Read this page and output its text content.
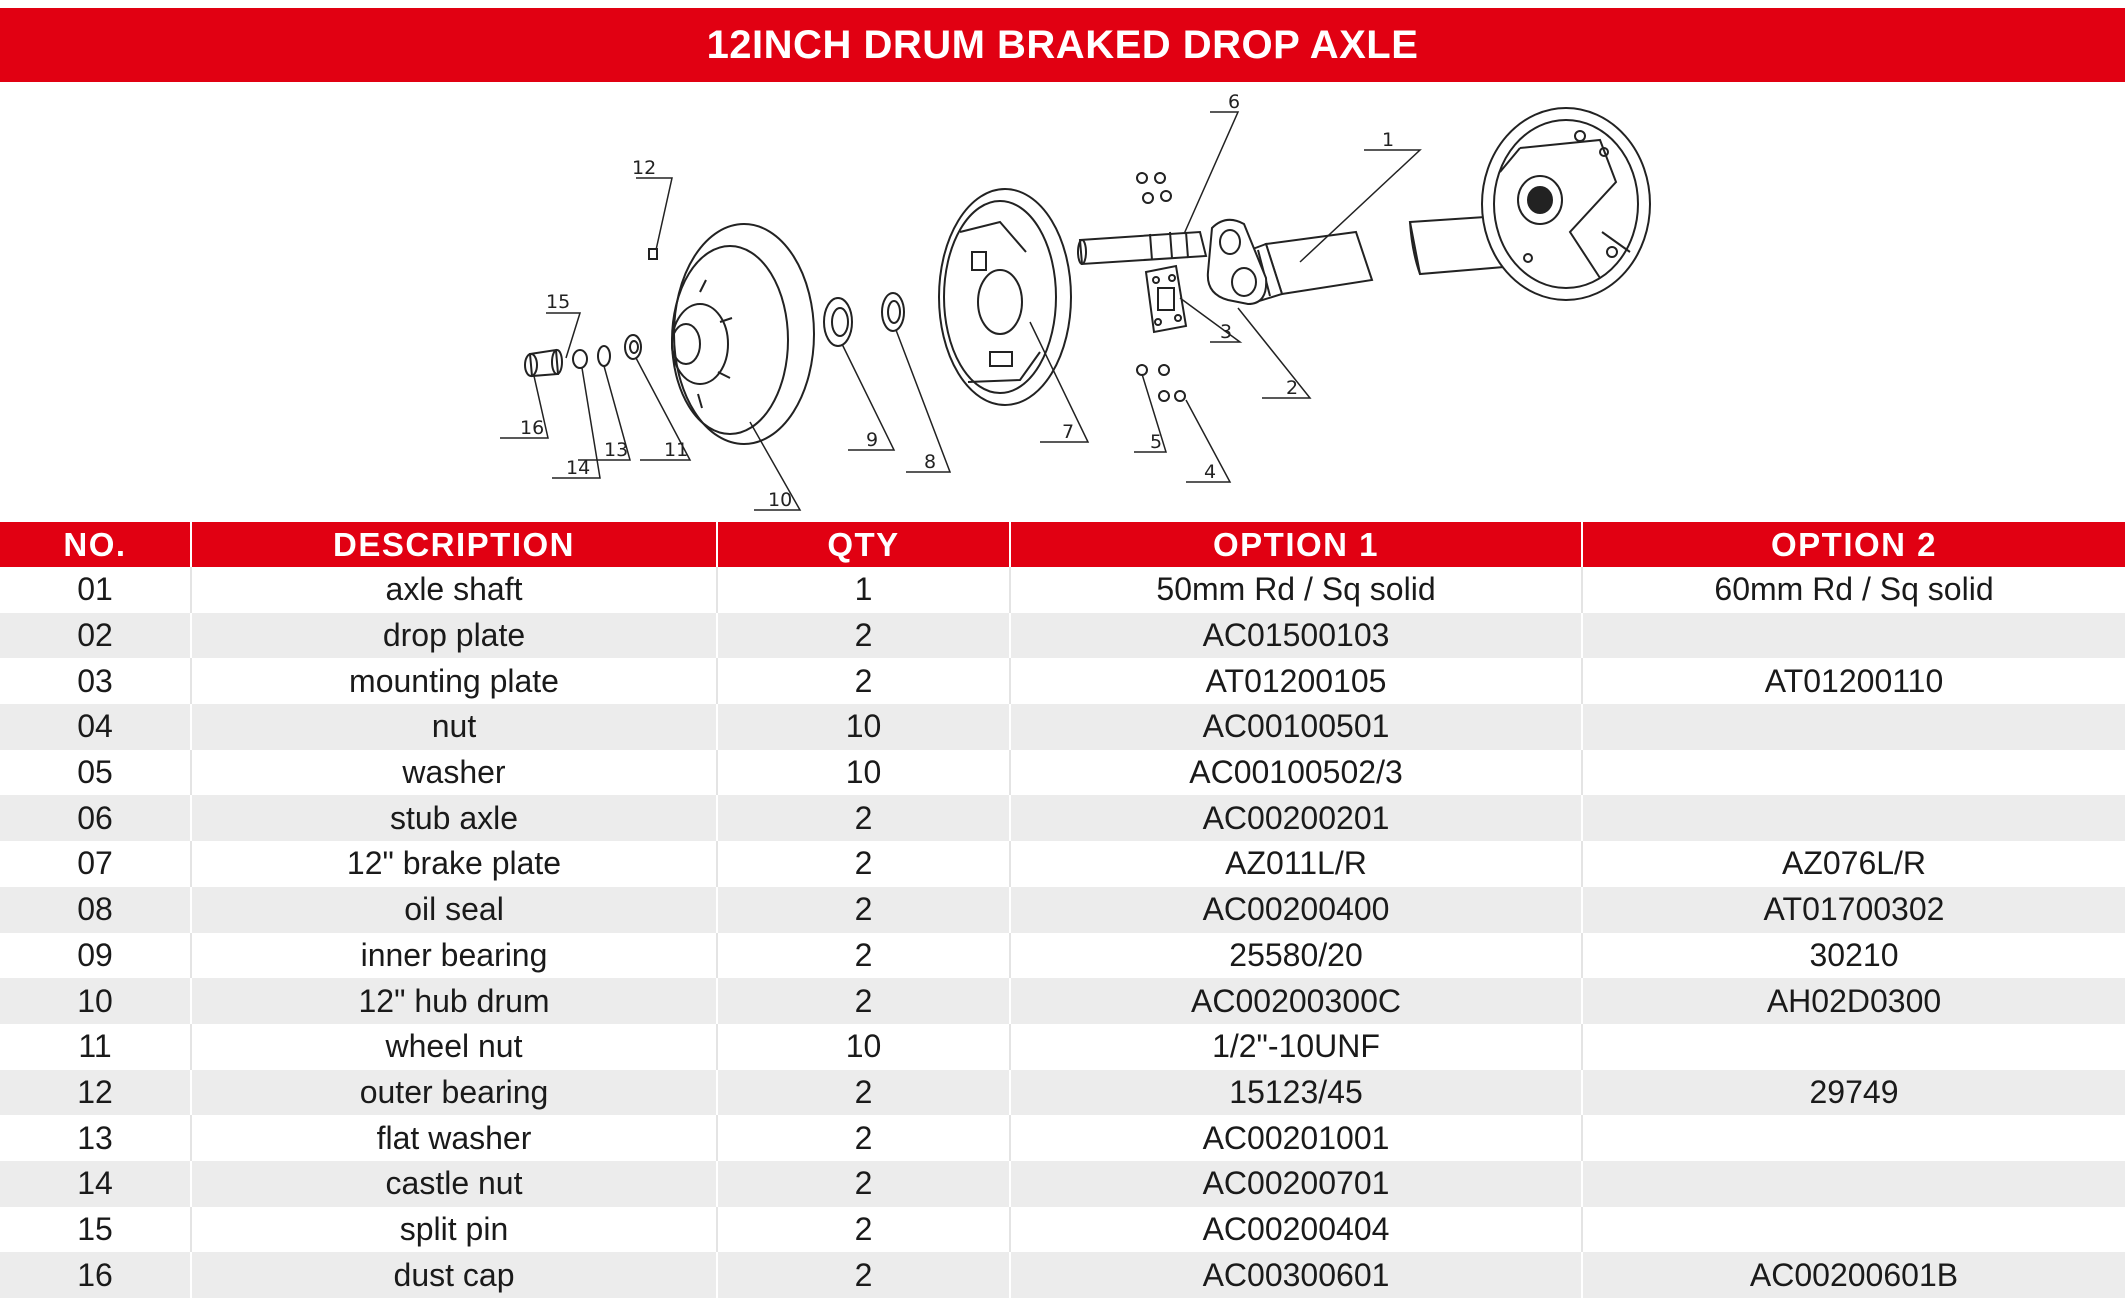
12INCH DRUM BRAKED DROP AXLE
6
1
3
2
4
5
7
8
9
10
11
12
13
14
15
16
NO.	DESCRIPTION	QTY	OPTION 1	OPTION 2
01	axle shaft	1	50mm Rd / Sq solid	60mm Rd / Sq solid
02	drop plate	2	AC01500103	
03	mounting plate	2	AT01200105	AT01200110
04	nut	10	AC00100501	
05	washer	10	AC00100502/3	
06	stub axle	2	AC00200201	
07	12" brake plate	2	AZ011L/R	AZ076L/R
08	oil seal	2	AC00200400	AT01700302
09	inner bearing	2	25580/20	30210
10	12" hub drum	2	AC00200300C	AH02D0300
11	wheel nut	10	1/2"-10UNF	
12	outer bearing	2	15123/45	29749
13	flat washer	2	AC00201001	
14	castle nut	2	AC00200701	
15	split pin	2	AC00200404	
16	dust cap	2	AC00300601	AC00200601B
